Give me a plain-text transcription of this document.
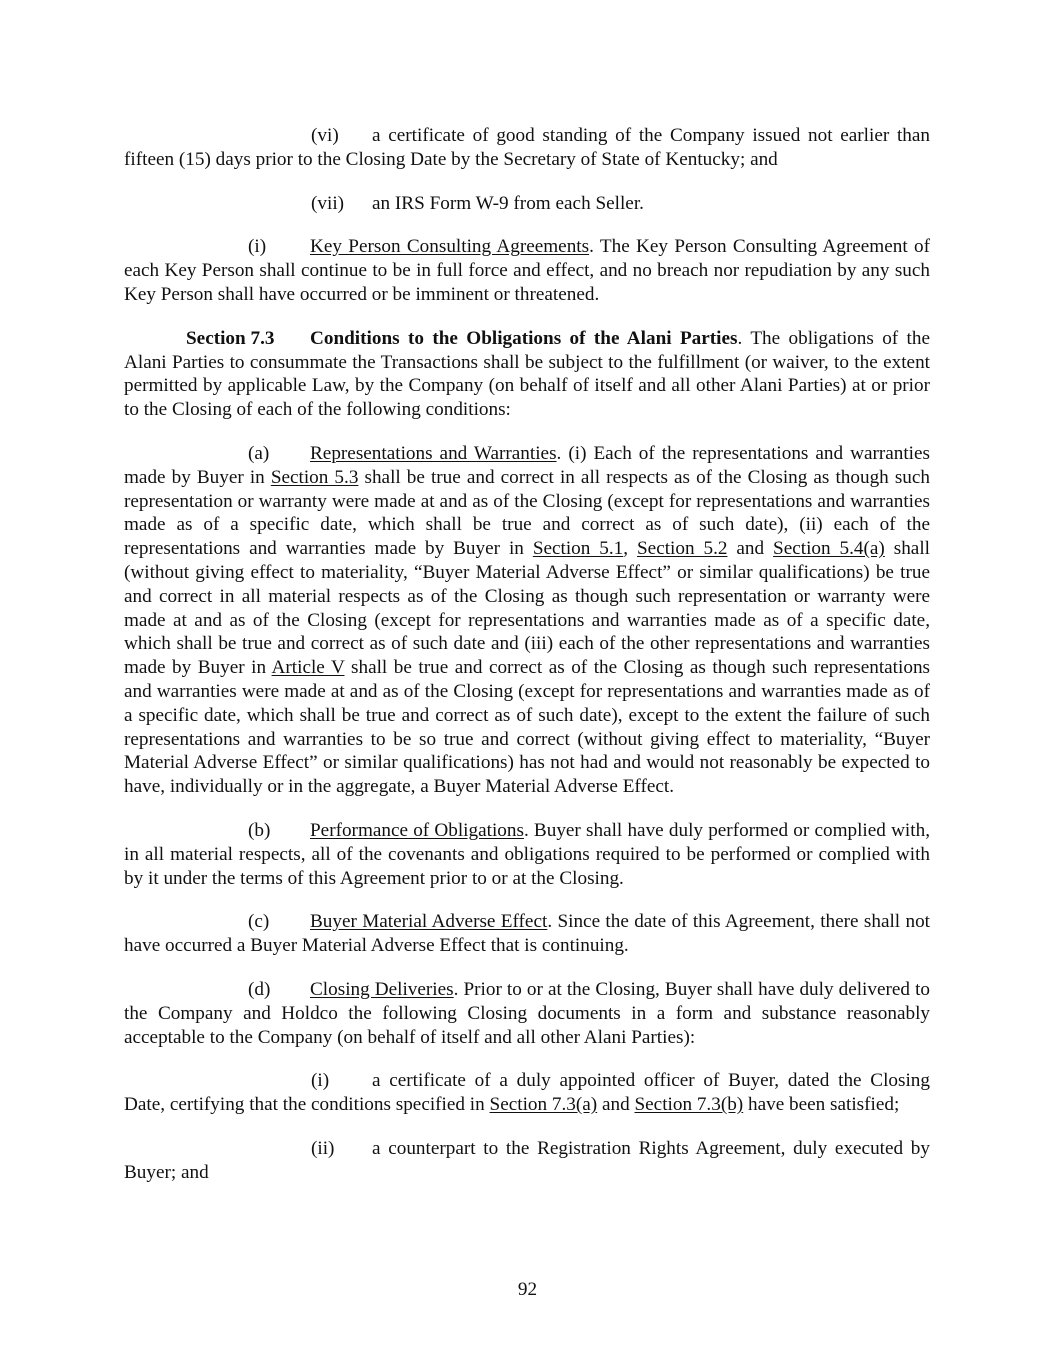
(vi) a certificate of good standing of the Company issued not earlier than fifteen (15) days prior to the Closing Date by the Secretary of State of Kentucky; and

(vii) an IRS Form W-9 from each Seller.

(i) Key Person Consulting Agreements. The Key Person Consulting Agreement of each Key Person shall continue to be in full force and effect, and no breach nor repudiation by any such Key Person shall have occurred or be imminent or threatened.

Section 7.3 Conditions to the Obligations of the Alani Parties. The obligations of the Alani Parties to consummate the Transactions shall be subject to the fulfillment (or waiver, to the extent permitted by applicable Law, by the Company (on behalf of itself and all other Alani Parties) at or prior to the Closing of each of the following conditions:

(a) Representations and Warranties. (i) Each of the representations and warranties made by Buyer in Section 5.3 shall be true and correct in all respects as of the Closing as though such representation or warranty were made at and as of the Closing (except for representations and warranties made as of a specific date, which shall be true and correct as of such date), (ii) each of the representations and warranties made by Buyer in Section 5.1, Section 5.2 and Section 5.4(a) shall (without giving effect to materiality, “Buyer Material Adverse Effect” or similar qualifications) be true and correct in all material respects as of the Closing as though such representation or warranty were made at and as of the Closing (except for representations and warranties made as of a specific date, which shall be true and correct as of such date and (iii) each of the other representations and warranties made by Buyer in Article V shall be true and correct as of the Closing as though such representations and warranties were made at and as of the Closing (except for representations and warranties made as of a specific date, which shall be true and correct as of such date), except to the extent the failure of such representations and warranties to be so true and correct (without giving effect to materiality, “Buyer Material Adverse Effect” or similar qualifications) has not had and would not reasonably be expected to have, individually or in the aggregate, a Buyer Material Adverse Effect.

(b) Performance of Obligations. Buyer shall have duly performed or complied with, in all material respects, all of the covenants and obligations required to be performed or complied with by it under the terms of this Agreement prior to or at the Closing.

(c) Buyer Material Adverse Effect. Since the date of this Agreement, there shall not have occurred a Buyer Material Adverse Effect that is continuing.

(d) Closing Deliveries. Prior to or at the Closing, Buyer shall have duly delivered to the Company and Holdco the following Closing documents in a form and substance reasonably acceptable to the Company (on behalf of itself and all other Alani Parties):

(i) a certificate of a duly appointed officer of Buyer, dated the Closing Date, certifying that the conditions specified in Section 7.3(a) and Section 7.3(b) have been satisfied;

(ii) a counterpart to the Registration Rights Agreement, duly executed by Buyer; and

92
